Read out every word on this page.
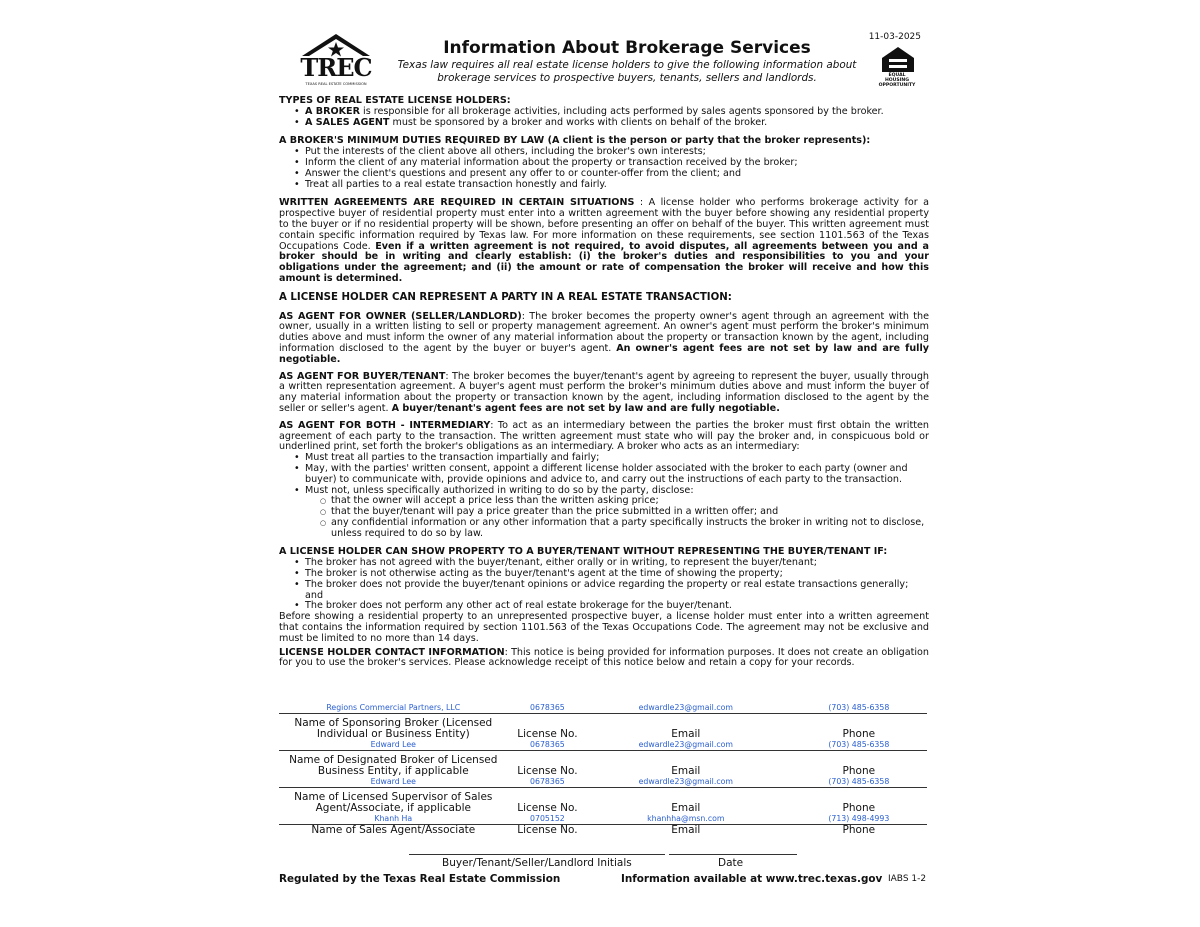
TREC
TEXAS REAL ESTATE COMMISSION
Information About Brokerage Services
Texas law requires all real estate license holders to give the following information about brokerage services to prospective buyers, tenants, sellers and landlords.
11-03-2025
EQUAL HOUSING OPPORTUNITY
TYPES OF REAL ESTATE LICENSE HOLDERS:
• A BROKER is responsible for all brokerage activities, including acts performed by sales agents sponsored by the broker.
• A SALES AGENT must be sponsored by a broker and works with clients on behalf of the broker.
A BROKER'S MINIMUM DUTIES REQUIRED BY LAW (A client is the person or party that the broker represents):
• Put the interests of the client above all others, including the broker's own interests;
• Inform the client of any material information about the property or transaction received by the broker;
• Answer the client's questions and present any offer to or counter-offer from the client; and
• Treat all parties to a real estate transaction honestly and fairly.

WRITTEN AGREEMENTS ARE REQUIRED IN CERTAIN SITUATIONS : A license holder who performs brokerage activity for a prospective buyer of residential property must enter into a written agreement with the buyer before showing any residential property to the buyer or if no residential property will be shown, before presenting an offer on behalf of the buyer. This written agreement must contain specific information required by Texas law. For more information on these requirements, see section 1101.563 of the Texas Occupations Code. Even if a written agreement is not required, to avoid disputes, all agreements between you and a broker should be in writing and clearly establish: (i) the broker's duties and responsibilities to you and your obligations under the agreement; and (ii) the amount or rate of compensation the broker will receive and how this amount is determined.

A LICENSE HOLDER CAN REPRESENT A PARTY IN A REAL ESTATE TRANSACTION:

AS AGENT FOR OWNER (SELLER/LANDLORD): The broker becomes the property owner's agent through an agreement with the owner, usually in a written listing to sell or property management agreement. An owner's agent must perform the broker's minimum duties above and must inform the owner of any material information about the property or transaction known by the agent, including information disclosed to the agent by the buyer or buyer's agent. An owner's agent fees are not set by law and are fully negotiable.

AS AGENT FOR BUYER/TENANT: The broker becomes the buyer/tenant's agent by agreeing to represent the buyer, usually through a written representation agreement. A buyer's agent must perform the broker's minimum duties above and must inform the buyer of any material information about the property or transaction known by the agent, including information disclosed to the agent by the seller or seller's agent. A buyer/tenant's agent fees are not set by law and are fully negotiable.

AS AGENT FOR BOTH - INTERMEDIARY: To act as an intermediary between the parties the broker must first obtain the written agreement of each party to the transaction. The written agreement must state who will pay the broker and, in conspicuous bold or underlined print, set forth the broker's obligations as an intermediary. A broker who acts as an intermediary:

• Must treat all parties to the transaction impartially and fairly;
• May, with the parties' written consent, appoint a different license holder associated with the broker to each party (owner and buyer) to communicate with, provide opinions and advice to, and carry out the instructions of each party to the transaction.
• Must not, unless specifically authorized in writing to do so by the party, disclose:
○ that the owner will accept a price less than the written asking price;
○ that the buyer/tenant will pay a price greater than the price submitted in a written offer; and
○ any confidential information or any other information that a party specifically instructs the broker in writing not to disclose, unless required to do so by law.
A LICENSE HOLDER CAN SHOW PROPERTY TO A BUYER/TENANT WITHOUT REPRESENTING THE BUYER/TENANT IF:
• The broker has not agreed with the buyer/tenant, either orally or in writing, to represent the buyer/tenant;
• The broker is not otherwise acting as the buyer/tenant's agent at the time of showing the property;
• The broker does not provide the buyer/tenant opinions or advice regarding the property or real estate transactions generally; and
• The broker does not perform any other act of real estate brokerage for the buyer/tenant.

Before showing a residential property to an unrepresented prospective buyer, a license holder must enter into a written agreement that contains the information required by section 1101.563 of the Texas Occupations Code. The agreement may not be exclusive and must be limited to no more than 14 days.

LICENSE HOLDER CONTACT INFORMATION: This notice is being provided for information purposes. It does not create an obligation for you to use the broker's services. Please acknowledge receipt of this notice below and retain a copy for your records.

Regions Commercial Partners, LLC		0678365		edwardle23@gmail.com		(703) 485-6358
Name of Sponsoring Broker (Licensed Individual or Business Entity)		License No.		Email		Phone
Edward Lee		0678365		edwardle23@gmail.com		(703) 485-6358
Name of Designated Broker of Licensed Business Entity, if applicable		License No.		Email		Phone
Edward Lee		0678365		edwardle23@gmail.com		(703) 485-6358
Name of Licensed Supervisor of Sales Agent/Associate, if applicable		License No.		Email		Phone
Khanh Ha		0705152		khanhha@msn.com		(713) 498-4993
Name of Sales Agent/Associate		License No.		Email		Phone
Buyer/Tenant/Seller/Landlord Initials	Date
Regulated by the Texas Real Estate Commission	Information available at www.trec.texas.gov IABS 1-2
